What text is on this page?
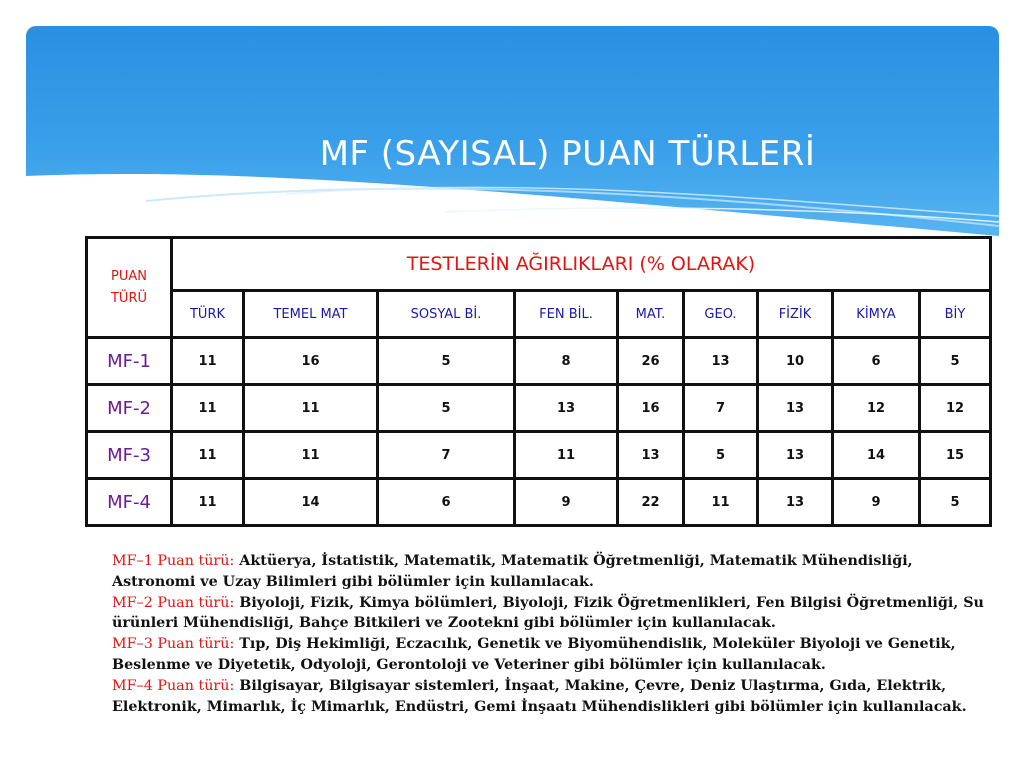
MF (SAYISAL) PUAN TÜRLERİ
PUAN
TÜRÜ	TESTLERİN AĞIRLIKLARI (% OLARAK)								
	TÜRK	TEMEL MAT	SOSYAL Bİ.	FEN BİL.	MAT.	GEO.	FİZİK	KİMYA	BİY
MF-1	11	16	5	8	26	13	10	6	5
MF-2	11	11	5	13	16	7	13	12	12
MF-3	11	11	7	11	13	5	13	14	15
MF-4	11	14	6	9	22	11	13	9	5
MF–1 Puan türü: Aktüerya, İstatistik, Matematik, Matematik Öğretmenliği, Matematik Mühendisliği, Astronomi ve Uzay Bilimleri gibi bölümler için kullanılacak.
MF–2 Puan türü: Biyoloji, Fizik, Kimya bölümleri, Biyoloji, Fizik Öğretmenlikleri, Fen Bilgisi Öğretmenliği, Su ürünleri Mühendisliği, Bahçe Bitkileri ve Zootekni gibi bölümler için kullanılacak.
MF–3 Puan türü: Tıp, Diş Hekimliği, Eczacılık, Genetik ve Biyomühendislik, Moleküler Biyoloji ve Genetik, Beslenme ve Diyetetik, Odyoloji, Gerontoloji ve Veteriner gibi bölümler için kullanılacak.
MF–4 Puan türü: Bilgisayar, Bilgisayar sistemleri, İnşaat, Makine, Çevre, Deniz Ulaştırma, Gıda, Elektrik, Elektronik, Mimarlık, İç Mimarlık, Endüstri, Gemi İnşaatı Mühendislikleri gibi bölümler için kullanılacak.
